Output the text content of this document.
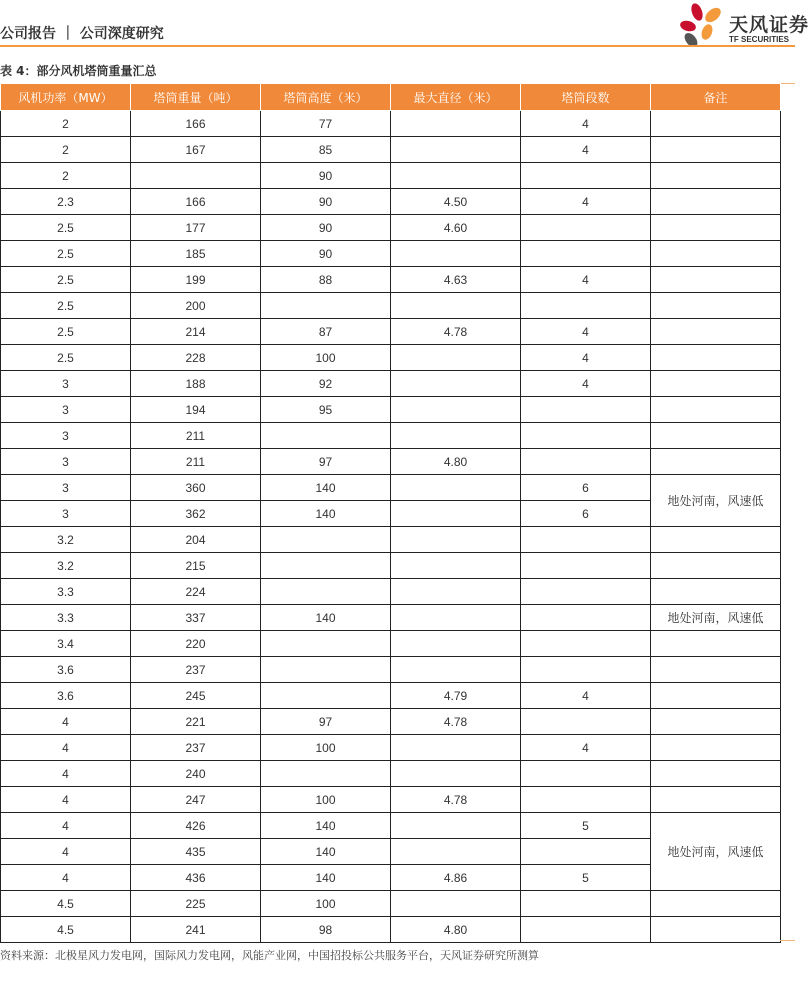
公司报告 ｜ 公司深度研究	天风证券
TF SECURITIES
表 4：部分风机塔筒重量汇总
风机功率（MW）	塔筒重量（吨）	塔筒高度（米）	最大直径（米）	塔筒段数	备注
2	166	77		4	
2	167	85		4	
2		90			
2.3	166	90	4.50	4	
2.5	177	90	4.60		
2.5	185	90			
2.5	199	88	4.63	4	
2.5	200				
2.5	214	87	4.78	4	
2.5	228	100		4	
3	188	92		4	
3	194	95			
3	211				
3	211	97	4.80		
3	360	140		6	地处河南，风速低
3	362	140		6	
3.2	204				
3.2	215				
3.3	224				
3.3	337	140			地处河南，风速低
3.4	220				
3.6	237				
3.6	245		4.79	4	
4	221	97	4.78		
4	237	100		4	
4	240				
4	247	100	4.78		
4	426	140		5	地处河南，风速低
4	435	140			
4	436	140	4.86	5	
4.5	225	100			
4.5	241	98	4.80		
资料来源：北极星风力发电网，国际风力发电网，风能产业网，中国招投标公共服务平台，天风证券研究所测算
